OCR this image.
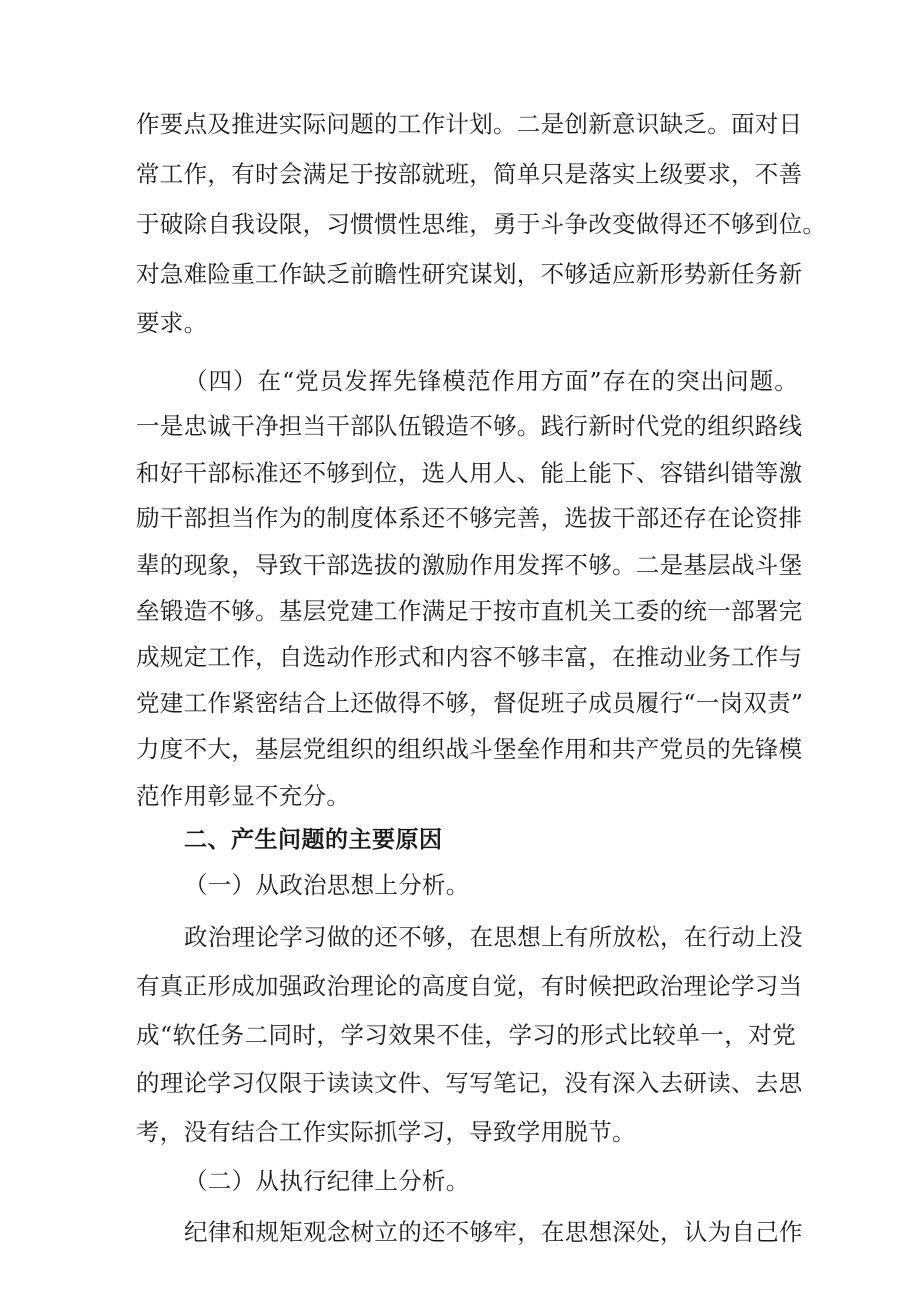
作要点及推进实际问题的工作计划。二是创新意识缺乏。面对日
常工作，有时会满足于按部就班，简单只是落实上级要求，不善
于破除自我设限，习惯惯性思维，勇于斗争改变做得还不够到位。
对急难险重工作缺乏前瞻性研究谋划，不够适应新形势新任务新
要求。
（四）在“党员发挥先锋模范作用方面”存在的突出问题。
一是忠诚干净担当干部队伍锻造不够。践行新时代党的组织路线
和好干部标准还不够到位，选人用人、能上能下、容错纠错等激
励干部担当作为的制度体系还不够完善，选拔干部还存在论资排
辈的现象，导致干部选拔的激励作用发挥不够。二是基层战斗堡
垒锻造不够。基层党建工作满足于按市直机关工委的统一部署完
成规定工作，自选动作形式和内容不够丰富，在推动业务工作与
党建工作紧密结合上还做得不够，督促班子成员履行“一岗双责”
力度不大，基层党组织的组织战斗堡垒作用和共产党员的先锋模
范作用彰显不充分。
二、产生问题的主要原因
（一）从政治思想上分析。
政治理论学习做的还不够，在思想上有所放松，在行动上没
有真正形成加强政治理论的高度自觉，有时候把政治理论学习当
成“软任务二同时，学习效果不佳，学习的形式比较单一，对党
的理论学习仅限于读读文件、写写笔记，没有深入去研读、去思
考，没有结合工作实际抓学习，导致学用脱节。
（二）从执行纪律上分析。
纪律和规矩观念树立的还不够牢，在思想深处，认为自己作
